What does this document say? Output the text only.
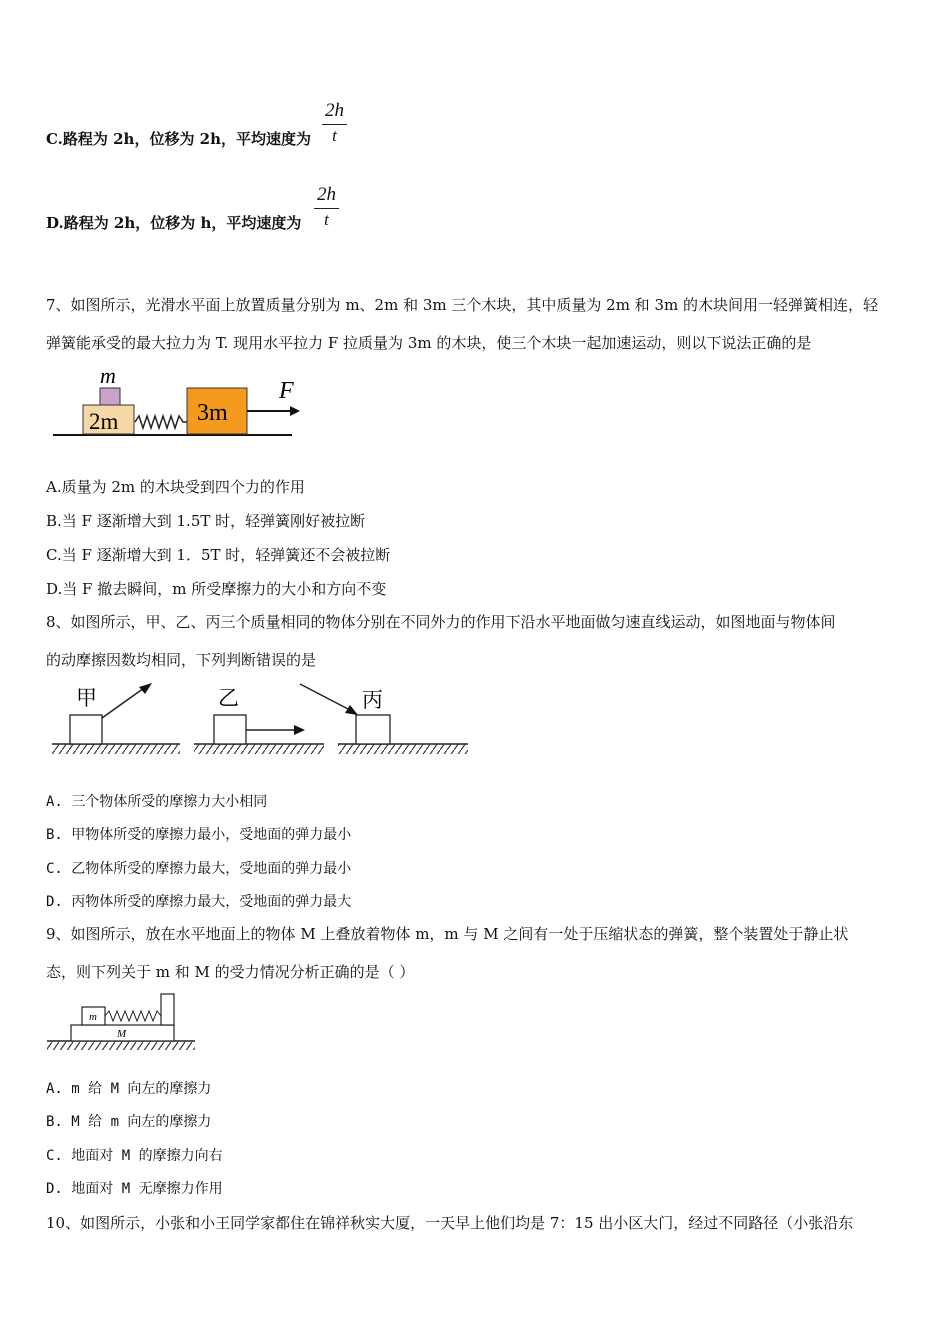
C.路程为 2h，位移为 2h，平均速度为 $\frac{2h}{t}$
D.路程为 2h，位移为 h，平均速度为 $\frac{2h}{t}$
7、如图所示，光滑水平面上放置质量分别为 m、2m 和 3m 三个木块，其中质量为 2m 和 3m 的木块间用一轻弹簧相连，轻
弹簧能承受的最大拉力为 T. 现用水平拉力 F 拉质量为 3m 的木块，使三个木块一起加速运动，则以下说法正确的是
m
2m	3m
F
A.质量为 2m 的木块受到四个力的作用
B.当 F 逐渐增大到 1.5T 时，轻弹簧刚好被拉断
C.当 F 逐渐增大到 1．5T 时，轻弹簧还不会被拉断
D.当 F 撤去瞬间，m 所受摩擦力的大小和方向不变
8、如图所示，甲、乙、丙三个质量相同的物体分别在不同外力的作用下沿水平地面做匀速直线运动，如图地面与物体间
的动摩擦因数均相同，下列判断错误的是
甲	乙	丙
A. 三个物体所受的摩擦力大小相同
B. 甲物体所受的摩擦力最小，受地面的弹力最小
C. 乙物体所受的摩擦力最大，受地面的弹力最小
D. 丙物体所受的摩擦力最大，受地面的弹力最大
9、如图所示，放在水平地面上的物体 M 上叠放着物体 m，m 与 M 之间有一处于压缩状态的弹簧，整个装置处于静止状
态，则下列关于 m 和 M 的受力情况分析正确的是（ ）
m
M
A. m 给 M 向左的摩擦力
B. M 给 m 向左的摩擦力
C. 地面对 M 的摩擦力向右
D. 地面对 M 无摩擦力作用
10、如图所示，小张和小王同学家都住在锦祥秋实大厦，一天早上他们均是 7：15 出小区大门，经过不同路径（小张沿东
